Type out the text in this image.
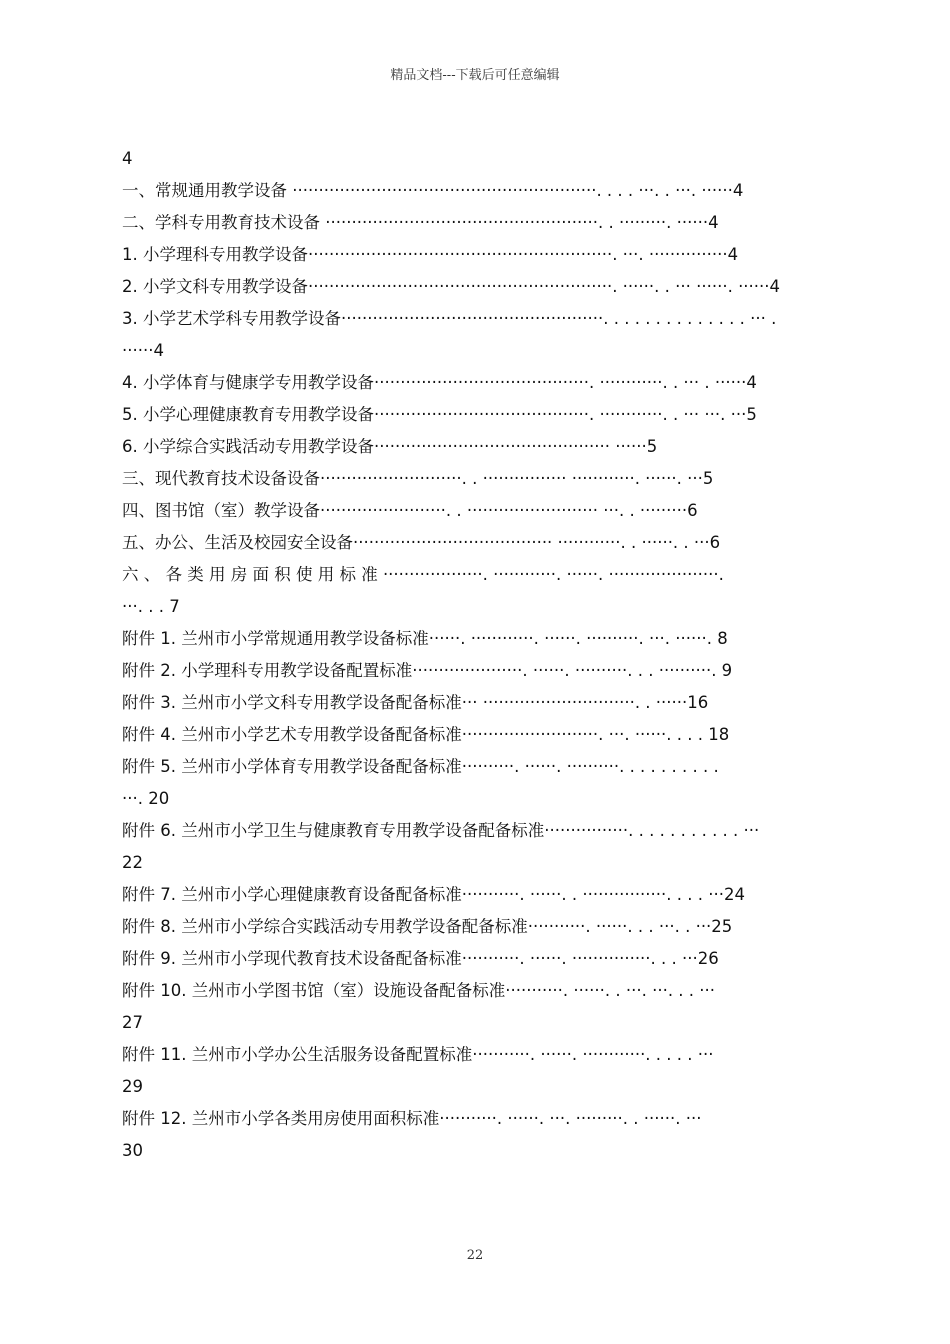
精品文档---下载后可任意编辑
4
一、常规通用教学设备 ··························································. . . . ···. . ···. ······4
二、学科专用教育技术设备 ····················································. . ·········. ······4
1. 小学理科专用教学设备··························································. ···. ···············4
2. 小学文科专用教学设备··························································. ······. . ··· ······. ······4
3. 小学艺术学科专用教学设备··················································. . . . . . . . . . . . . . ··· .
······4
4. 小学体育与健康学专用教学设备·········································. ············. . ··· . ······4
5. 小学心理健康教育专用教学设备·········································. ············. . ··· ···. ···5
6. 小学综合实践活动专用教学设备············································· ······5
三、现代教育技术设备设备···························. . ················ ············. ······. ···5
四、图书馆（室）教学设备························. . ························· ···. . ·········6
五、办公、生活及校园安全设备······································ ············. . ······. . ···6
六 、 各 类 用 房 面 积 使 用 标 准 ···················. ············. ······. ·····················.
···. . . 7
附件 1. 兰州市小学常规通用教学设备标准······. ············. ······. ··········. ···. ······. 8
附件 2. 小学理科专用教学设备配置标准·····················. ······. ··········. . . ··········. 9
附件 3. 兰州市小学文科专用教学设备配备标准··· ·····························. . ······16
附件 4. 兰州市小学艺术专用教学设备配备标准··························. ···. ······. . . . 18
附件 5. 兰州市小学体育专用教学设备配备标准··········. ······. ··········. . . . . . . . . .
···. 20
附件 6. 兰州市小学卫生与健康教育专用教学设备配备标准················. . . . . . . . . . . ···
22
附件 7. 兰州市小学心理健康教育设备配备标准···········. ······. . ················. . . . ···24
附件 8. 兰州市小学综合实践活动专用教学设备配备标准···········. ······. . . ···. . ···25
附件 9. 兰州市小学现代教育技术设备配备标准···········. ······. ···············. . . ···26
附件 10. 兰州市小学图书馆（室）设施设备配备标准···········. ······. . ···. ···. . . ···
27
附件 11. 兰州市小学办公生活服务设备配置标准···········. ······. ············. . . . . ···
29
附件 12. 兰州市小学各类用房使用面积标准···········. ······. ···. ·········. . ······. ···
30
22
